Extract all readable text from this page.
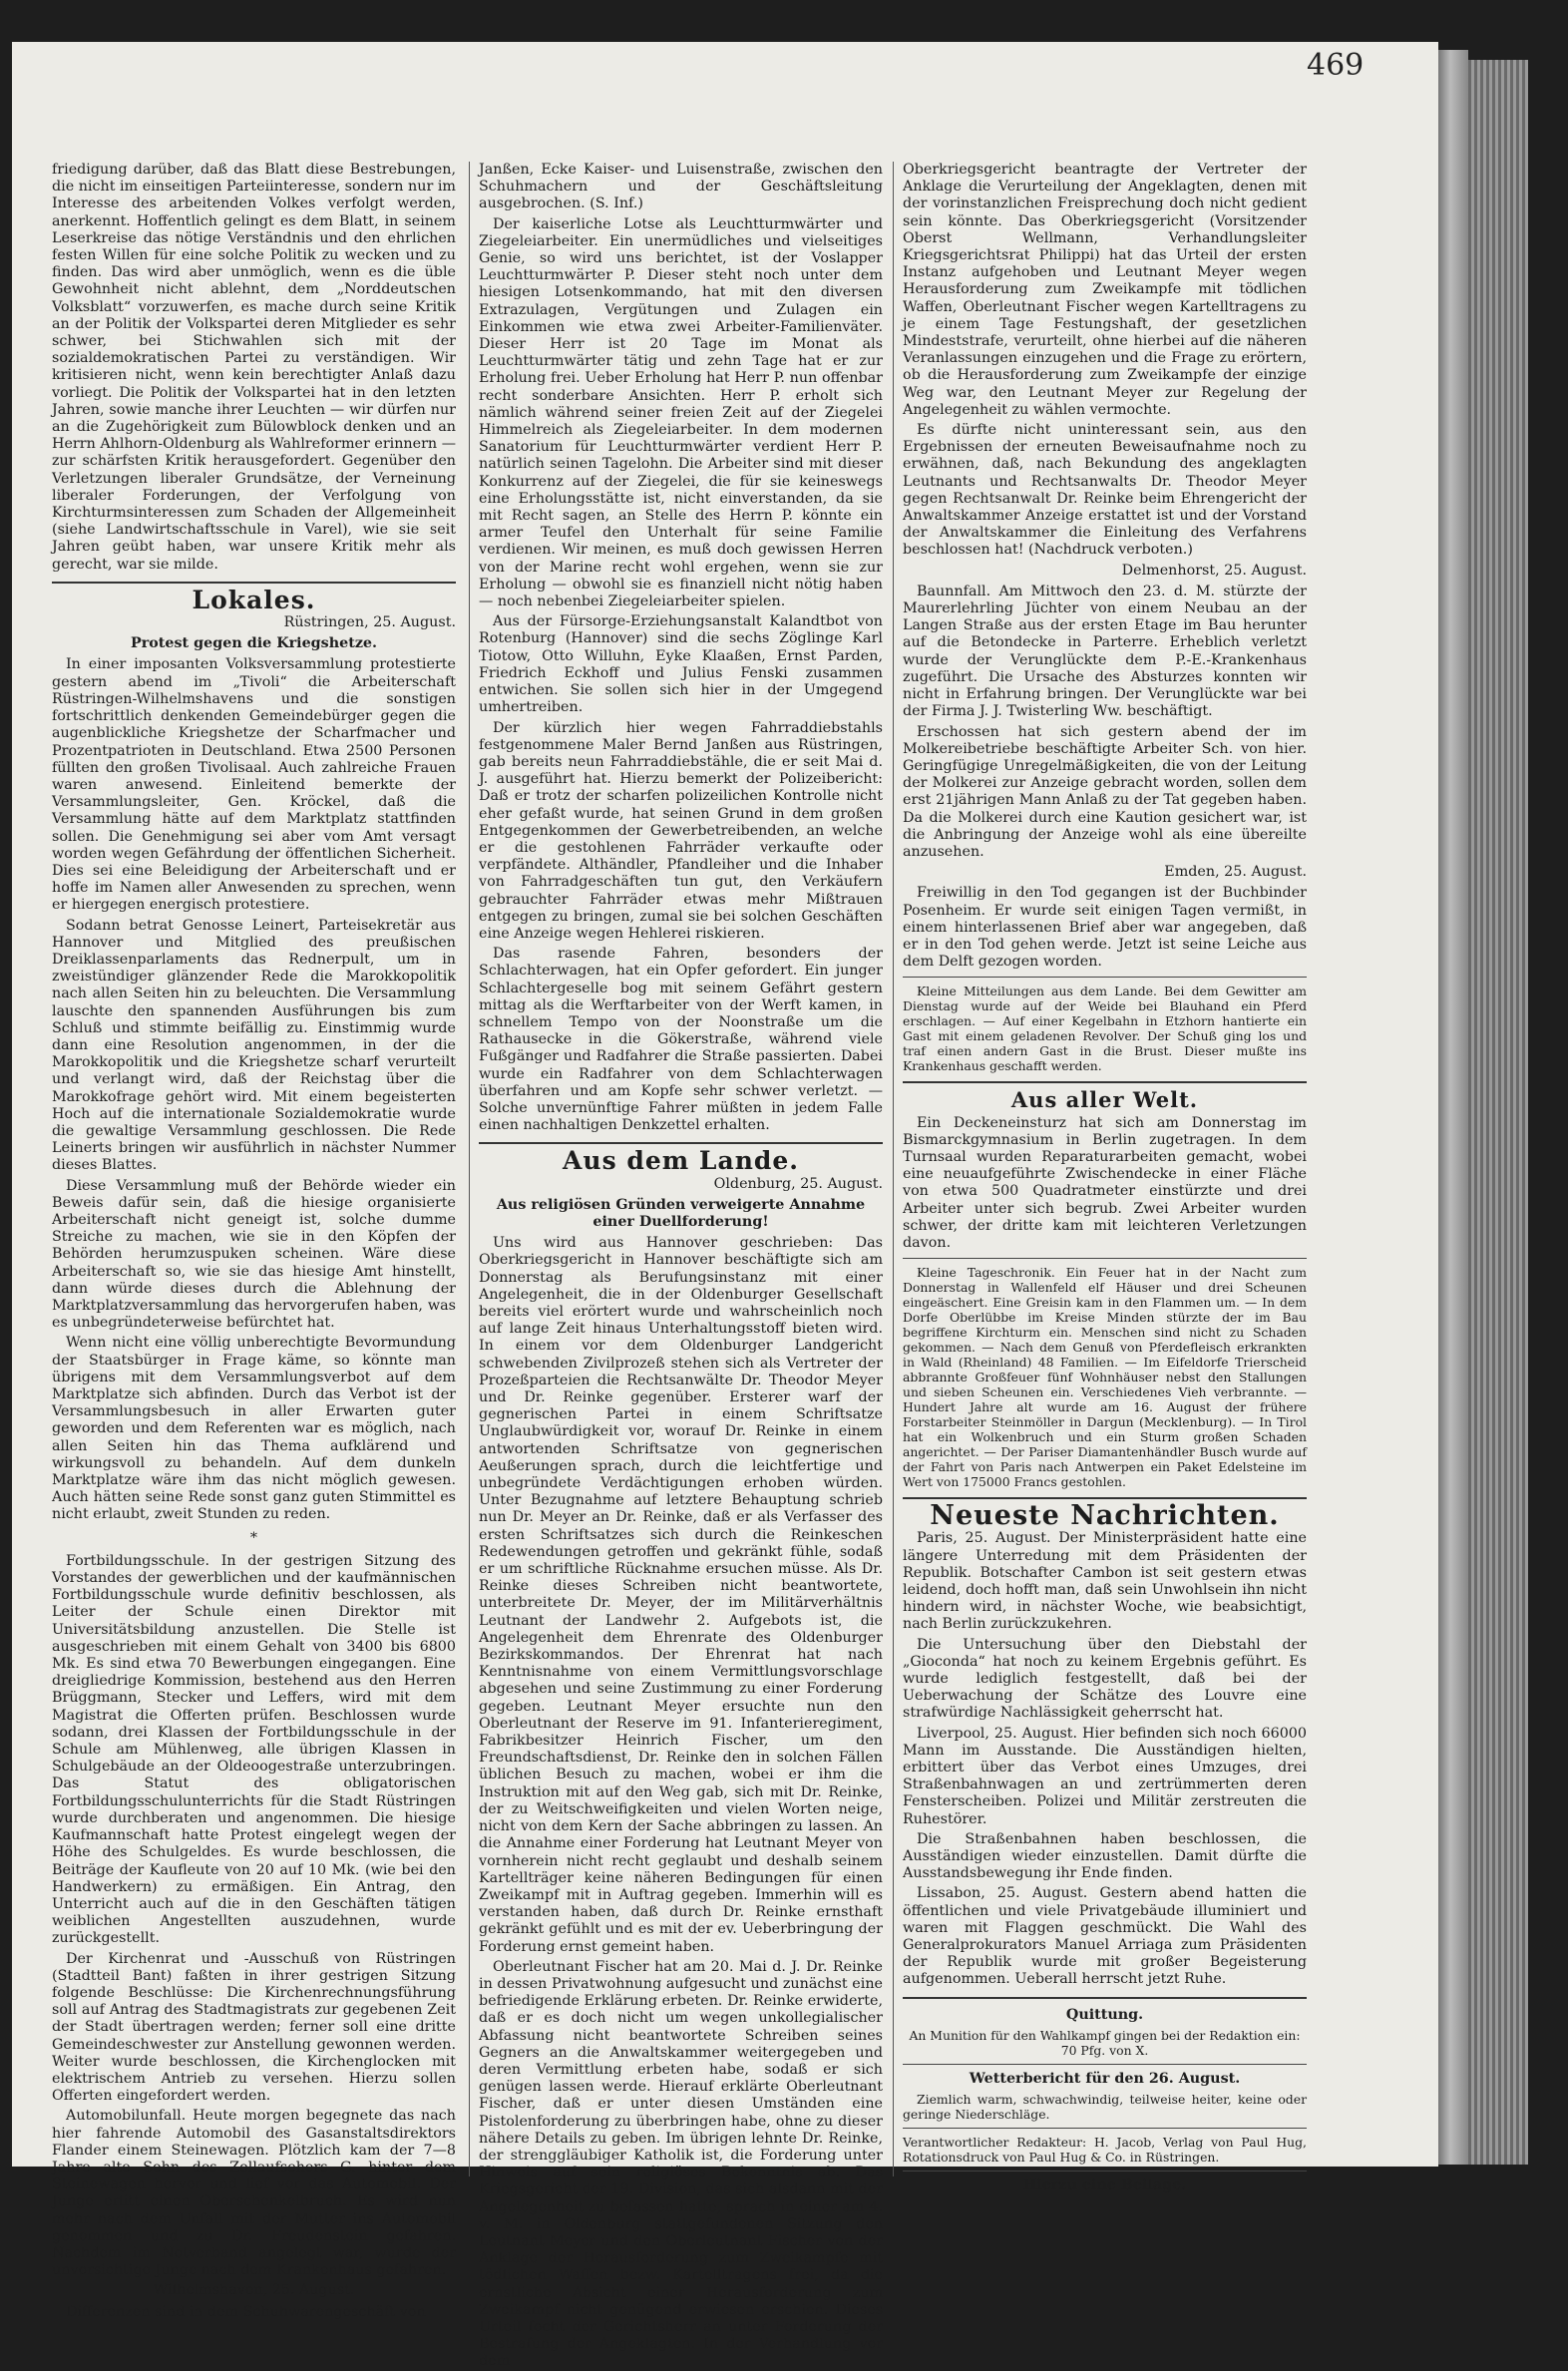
friedigung darüber, daß das Blatt diese Bestrebungen, die nicht im einseitigen Parteiinteresse, sondern nur im Interesse des arbeitenden Volkes verfolgt werden, anerkennt. Hoffentlich gelingt es dem Blatt, in seinem Leserkreise das nötige Verständnis und den ehrlichen festen Willen für eine solche Politik zu wecken und zu finden. Das wird aber unmöglich, wenn es die üble Gewohnheit nicht ablehnt, dem „Norddeutschen Volksblatt“ vorzuwerfen, es mache durch seine Kritik an der Politik der Volkspartei deren Mitglieder es sehr schwer, bei Stichwahlen sich mit der sozialdemokratischen Partei zu verständigen. Wir kritisieren nicht, wenn kein berechtigter Anlaß dazu vorliegt. Die Politik der Volkspartei hat in den letzten Jahren, sowie manche ihrer Leuchten — wir dürfen nur an die Zugehörigkeit zum Bülowblock denken und an Herrn Ahlhorn-Oldenburg als Wahlreformer erinnern — zur schärfsten Kritik herausgefordert. Gegenüber den Verletzungen liberaler Grundsätze, der Verneinung liberaler Forderungen, der Verfolgung von Kirchturmsinteressen zum Schaden der Allgemeinheit (siehe Landwirtschaftsschule in Varel), wie sie seit Jahren geübt haben, war unsere Kritik mehr als gerecht, war sie milde.

Lokales.
Rüstringen, 25. August.
Protest gegen die Kriegshetze.

In einer imposanten Volksversammlung protestierte gestern abend im „Tivoli“ die Arbeiterschaft Rüstringen-Wilhelmshavens und die sonstigen fortschrittlich denkenden Gemeindebürger gegen die augenblickliche Kriegshetze der Scharfmacher und Prozentpatrioten in Deutschland. Etwa 2500 Personen füllten den großen Tivolisaal. Auch zahlreiche Frauen waren anwesend. Einleitend bemerkte der Versammlungsleiter, Gen. Kröckel, daß die Versammlung hätte auf dem Marktplatz stattfinden sollen. Die Genehmigung sei aber vom Amt versagt worden wegen Gefährdung der öffentlichen Sicherheit. Dies sei eine Beleidigung der Arbeiterschaft und er hoffe im Namen aller Anwesenden zu sprechen, wenn er hiergegen energisch protestiere.

Sodann betrat Genosse Leinert, Parteisekretär aus Hannover und Mitglied des preußischen Dreiklassenparlaments das Rednerpult, um in zweistündiger glänzender Rede die Marokkopolitik nach allen Seiten hin zu beleuchten. Die Versammlung lauschte den spannenden Ausführungen bis zum Schluß und stimmte beifällig zu. Einstimmig wurde dann eine Resolution angenommen, in der die Marokkopolitik und die Kriegshetze scharf verurteilt und verlangt wird, daß der Reichstag über die Marokkofrage gehört wird. Mit einem begeisterten Hoch auf die internationale Sozialdemokratie wurde die gewaltige Versammlung geschlossen. Die Rede Leinerts bringen wir ausführlich in nächster Nummer dieses Blattes.

Diese Versammlung muß der Behörde wieder ein Beweis dafür sein, daß die hiesige organisierte Arbeiterschaft nicht geneigt ist, solche dumme Streiche zu machen, wie sie in den Köpfen der Behörden herumzuspuken scheinen. Wäre diese Arbeiterschaft so, wie sie das hiesige Amt hinstellt, dann würde dieses durch die Ablehnung der Marktplatzversammlung das hervorgerufen haben, was es unbegründeterweise befürchtet hat.

Wenn nicht eine völlig unberechtigte Bevormundung der Staatsbürger in Frage käme, so könnte man übrigens mit dem Versammlungsverbot auf dem Marktplatze sich abfinden. Durch das Verbot ist der Versammlungsbesuch in aller Erwarten guter geworden und dem Referenten war es möglich, nach allen Seiten hin das Thema aufklärend und wirkungsvoll zu behandeln. Auf dem dunkeln Marktplatze wäre ihm das nicht möglich gewesen. Auch hätten seine Rede sonst ganz guten Stimmittel es nicht erlaubt, zweit Stunden zu reden.

*

Fortbildungsschule. In der gestrigen Sitzung des Vorstandes der gewerblichen und der kaufmännischen Fortbildungsschule wurde definitiv beschlossen, als Leiter der Schule einen Direktor mit Universitätsbildung anzustellen. Die Stelle ist ausgeschrieben mit einem Gehalt von 3400 bis 6800 Mk. Es sind etwa 70 Bewerbungen eingegangen. Eine dreigliedrige Kommission, bestehend aus den Herren Brüggmann, Stecker und Leffers, wird mit dem Magistrat die Offerten prüfen. Beschlossen wurde sodann, drei Klassen der Fortbildungsschule in der Schule am Mühlenweg, alle übrigen Klassen in Schulgebäude an der Oldeoogestraße unterzubringen. Das Statut des obligatorischen Fortbildungsschulunterrichts für die Stadt Rüstringen wurde durchberaten und angenommen. Die hiesige Kaufmannschaft hatte Protest eingelegt wegen der Höhe des Schulgeldes. Es wurde beschlossen, die Beiträge der Kaufleute von 20 auf 10 Mk. (wie bei den Handwerkern) zu ermäßigen. Ein Antrag, den Unterricht auch auf die in den Geschäften tätigen weiblichen Angestellten auszudehnen, wurde zurückgestellt.

Der Kirchenrat und -Ausschuß von Rüstringen (Stadtteil Bant) faßten in ihrer gestrigen Sitzung folgende Beschlüsse: Die Kirchenrechnungsführung soll auf Antrag des Stadtmagistrats zur gegebenen Zeit der Stadt übertragen werden; ferner soll eine dritte Gemeindeschwester zur Anstellung gewonnen werden. Weiter wurde beschlossen, die Kirchenglocken mit elektrischem Antrieb zu versehen. Hierzu sollen Offerten eingefordert werden.

Automobilunfall. Heute morgen begegnete das nach hier fahrende Automobil des Gasanstaltsdirektors Flander einem Steinewagen. Plötzlich kam der 7—8 Jahre alte Sohn des Zollaufsehers G. hinter dem Steinewagen hervor und lief vor das Automobil. Der Junge erlitt einen Oberschenkelbruch. Es wird nun mehr nach dem Unfall mit der Mutter ins Automobil genommen und zu Dr. Freudenstein gefahren. Nachdem im Notverband angelegt war, wurde der unvorsichtige Junge nach dem Krankenhaus gefahren.

Wilhelmshaven, 25. August.

Differenzen sind in dem Schuhwarengeschäft von

Janßen, Ecke Kaiser- und Luisenstraße, zwischen den Schuhmachern und der Geschäftsleitung ausgebrochen. (S. Inf.)

Der kaiserliche Lotse als Leuchtturmwärter und Ziegeleiarbeiter. Ein unermüdliches und vielseitiges Genie, so wird uns berichtet, ist der Voslapper Leuchtturmwärter P. Dieser steht noch unter dem hiesigen Lotsenkommando, hat mit den diversen Extrazulagen, Vergütungen und Zulagen ein Einkommen wie etwa zwei Arbeiter-Familienväter. Dieser Herr ist 20 Tage im Monat als Leuchtturmwärter tätig und zehn Tage hat er zur Erholung frei. Ueber Erholung hat Herr P. nun offenbar recht sonderbare Ansichten. Herr P. erholt sich nämlich während seiner freien Zeit auf der Ziegelei Himmelreich als Ziegeleiarbeiter. In dem modernen Sanatorium für Leuchtturmwärter verdient Herr P. natürlich seinen Tagelohn. Die Arbeiter sind mit dieser Konkurrenz auf der Ziegelei, die für sie keineswegs eine Erholungsstätte ist, nicht einverstanden, da sie mit Recht sagen, an Stelle des Herrn P. könnte ein armer Teufel den Unterhalt für seine Familie verdienen. Wir meinen, es muß doch gewissen Herren von der Marine recht wohl ergehen, wenn sie zur Erholung — obwohl sie es finanziell nicht nötig haben — noch nebenbei Ziegeleiarbeiter spielen.

Aus der Fürsorge-Erziehungsanstalt Kalandtbot von Rotenburg (Hannover) sind die sechs Zöglinge Karl Tiotow, Otto Willuhn, Eyke Klaaßen, Ernst Parden, Friedrich Eckhoff und Julius Fenski zusammen entwichen. Sie sollen sich hier in der Umgegend umhertreiben.

Der kürzlich hier wegen Fahrraddiebstahls festgenommene Maler Bernd Janßen aus Rüstringen, gab bereits neun Fahrraddiebstähle, die er seit Mai d. J. ausgeführt hat. Hierzu bemerkt der Polizeibericht: Daß er trotz der scharfen polizeilichen Kontrolle nicht eher gefaßt wurde, hat seinen Grund in dem großen Entgegenkommen der Gewerbetreibenden, an welche er die gestohlenen Fahrräder verkaufte oder verpfändete. Althändler, Pfandleiher und die Inhaber von Fahrradgeschäften tun gut, den Verkäufern gebrauchter Fahrräder etwas mehr Mißtrauen entgegen zu bringen, zumal sie bei solchen Geschäften eine Anzeige wegen Hehlerei riskieren.

Das rasende Fahren, besonders der Schlachterwagen, hat ein Opfer gefordert. Ein junger Schlachtergeselle bog mit seinem Gefährt gestern mittag als die Werftarbeiter von der Werft kamen, in schnellem Tempo von der Noonstraße um die Rathausecke in die Gökerstraße, während viele Fußgänger und Radfahrer die Straße passierten. Dabei wurde ein Radfahrer von dem Schlachterwagen überfahren und am Kopfe sehr schwer verletzt. — Solche unvernünftige Fahrer müßten in jedem Falle einen nachhaltigen Denkzettel erhalten.

Aus dem Lande.
Oldenburg, 25. August.
Aus religiösen Gründen verweigerte Annahme einer Duellforderung!

Uns wird aus Hannover geschrieben: Das Oberkriegsgericht in Hannover beschäftigte sich am Donnerstag als Berufungsinstanz mit einer Angelegenheit, die in der Oldenburger Gesellschaft bereits viel erörtert wurde und wahrscheinlich noch auf lange Zeit hinaus Unterhaltungsstoff bieten wird. In einem vor dem Oldenburger Landgericht schwebenden Zivilprozeß stehen sich als Vertreter der Prozeßparteien die Rechtsanwälte Dr. Theodor Meyer und Dr. Reinke gegenüber. Ersterer warf der gegnerischen Partei in einem Schriftsatze Unglaubwürdigkeit vor, worauf Dr. Reinke in einem antwortenden Schriftsatze von gegnerischen Aeußerungen sprach, durch die leichtfertige und unbegründete Verdächtigungen erhoben würden. Unter Bezugnahme auf letztere Behauptung schrieb nun Dr. Meyer an Dr. Reinke, daß er als Verfasser des ersten Schriftsatzes sich durch die Reinkeschen Redewendungen getroffen und gekränkt fühle, sodaß er um schriftliche Rücknahme ersuchen müsse. Als Dr. Reinke dieses Schreiben nicht beantwortete, unterbreitete Dr. Meyer, der im Militärverhältnis Leutnant der Landwehr 2. Aufgebots ist, die Angelegenheit dem Ehrenrate des Oldenburger Bezirkskommandos. Der Ehrenrat hat nach Kenntnisnahme von einem Vermittlungsvorschlage abgesehen und seine Zustimmung zu einer Forderung gegeben. Leutnant Meyer ersuchte nun den Oberleutnant der Reserve im 91. Infanterieregiment, Fabrikbesitzer Heinrich Fischer, um den Freundschaftsdienst, Dr. Reinke den in solchen Fällen üblichen Besuch zu machen, wobei er ihm die Instruktion mit auf den Weg gab, sich mit Dr. Reinke, der zu Weitschweifigkeiten und vielen Worten neige, nicht von dem Kern der Sache abbringen zu lassen. An die Annahme einer Forderung hat Leutnant Meyer von vornherein nicht recht geglaubt und deshalb seinem Kartellträger keine näheren Bedingungen für einen Zweikampf mit in Auftrag gegeben. Immerhin will es verstanden haben, daß durch Dr. Reinke ernsthaft gekränkt gefühlt und es mit der ev. Ueberbringung der Forderung ernst gemeint haben.

Oberleutnant Fischer hat am 20. Mai d. J. Dr. Reinke in dessen Privatwohnung aufgesucht und zunächst eine befriedigende Erklärung erbeten. Dr. Reinke erwiderte, daß er es doch nicht um wegen unkollegialischer Abfassung nicht beantwortete Schreiben seines Gegners an die Anwaltskammer weitergegeben und deren Vermittlung erbeten habe, sodaß er sich genügen lassen werde. Hierauf erklärte Oberleutnant Fischer, daß er unter diesen Umständen eine Pistolenforderung zu überbringen habe, ohne zu dieser nähere Details zu geben. Im übrigen lehnte Dr. Reinke, der strenggläubiger Katholik ist, die Forderung unter Hinweis auf sein religiöses Bekenntnis ab. Das Kriegsgericht der 19. Division, das sich alsdann mit der Angelegenheit zu befassen hatte, sprach in einer am 4. v. M. in Oldenburg stattgefundenen Sitzung den Leutnant Meyer und den Oberleutnant Fischer von der Anklage der Herausforderung zum Zweikampfe mit tödlichen Waffen bezw. Kartelltragens frei, da die ernstliche Absicht einer Herausforderung zum Zweikampf nicht genügend erwiesen erschien. Dieses Urteil focht der Gerichtsherr an unter Forderung der Bestrafung der Angeklagten. In der Verhandlung vor dem

Oberkriegsgericht beantragte der Vertreter der Anklage die Verurteilung der Angeklagten, denen mit der vorinstanzlichen Freisprechung doch nicht gedient sein könnte. Das Oberkriegsgericht (Vorsitzender Oberst Wellmann, Verhandlungsleiter Kriegsgerichtsrat Philippi) hat das Urteil der ersten Instanz aufgehoben und Leutnant Meyer wegen Herausforderung zum Zweikampfe mit tödlichen Waffen, Oberleutnant Fischer wegen Kartelltragens zu je einem Tage Festungshaft, der gesetzlichen Mindeststrafe, verurteilt, ohne hierbei auf die näheren Veranlassungen einzugehen und die Frage zu erörtern, ob die Herausforderung zum Zweikampfe der einzige Weg war, den Leutnant Meyer zur Regelung der Angelegenheit zu wählen vermochte.

Es dürfte nicht uninteressant sein, aus den Ergebnissen der erneuten Beweisaufnahme noch zu erwähnen, daß, nach Bekundung des angeklagten Leutnants und Rechtsanwalts Dr. Theodor Meyer gegen Rechtsanwalt Dr. Reinke beim Ehrengericht der Anwaltskammer Anzeige erstattet ist und der Vorstand der Anwaltskammer die Einleitung des Verfahrens beschlossen hat! (Nachdruck verboten.)

Delmenhorst, 25. August.

Baunnfall. Am Mittwoch den 23. d. M. stürzte der Maurerlehrling Jüchter von einem Neubau an der Langen Straße aus der ersten Etage im Bau herunter auf die Betondecke in Parterre. Erheblich verletzt wurde der Verunglückte dem P.-E.-Krankenhaus zugeführt. Die Ursache des Absturzes konnten wir nicht in Erfahrung bringen. Der Verunglückte war bei der Firma J. J. Twisterling Ww. beschäftigt.

Erschossen hat sich gestern abend der im Molkereibetriebe beschäftigte Arbeiter Sch. von hier. Geringfügige Unregelmäßigkeiten, die von der Leitung der Molkerei zur Anzeige gebracht worden, sollen dem erst 21jährigen Mann Anlaß zu der Tat gegeben haben. Da die Molkerei durch eine Kaution gesichert war, ist die Anbringung der Anzeige wohl als eine übereilte anzusehen.

Emden, 25. August.

Freiwillig in den Tod gegangen ist der Buchbinder Posenheim. Er wurde seit einigen Tagen vermißt, in einem hinterlassenen Brief aber war angegeben, daß er in den Tod gehen werde. Jetzt ist seine Leiche aus dem Delft gezogen worden.

Kleine Mitteilungen aus dem Lande. Bei dem Gewitter am Dienstag wurde auf der Weide bei Blauhand ein Pferd erschlagen. — Auf einer Kegelbahn in Etzhorn hantierte ein Gast mit einem geladenen Revolver. Der Schuß ging los und traf einen andern Gast in die Brust. Dieser mußte ins Krankenhaus geschafft werden.

Aus aller Welt.

Ein Deckeneinsturz hat sich am Donnerstag im Bismarckgymnasium in Berlin zugetragen. In dem Turnsaal wurden Reparaturarbeiten gemacht, wobei eine neuaufgeführte Zwischendecke in einer Fläche von etwa 500 Quadratmeter einstürzte und drei Arbeiter unter sich begrub. Zwei Arbeiter wurden schwer, der dritte kam mit leichteren Verletzungen davon.

Kleine Tageschronik. Ein Feuer hat in der Nacht zum Donnerstag in Wallenfeld elf Häuser und drei Scheunen eingeäschert. Eine Greisin kam in den Flammen um. — In dem Dorfe Oberlübbe im Kreise Minden stürzte der im Bau begriffene Kirchturm ein. Menschen sind nicht zu Schaden gekommen. — Nach dem Genuß von Pferdefleisch erkrankten in Wald (Rheinland) 48 Familien. — Im Eifeldorfe Trierscheid abbrannte Großfeuer fünf Wohnhäuser nebst den Stallungen und sieben Scheunen ein. Verschiedenes Vieh verbrannte. — Hundert Jahre alt wurde am 16. August der frühere Forstarbeiter Steinmöller in Dargun (Mecklenburg). — In Tirol hat ein Wolkenbruch und ein Sturm großen Schaden angerichtet. — Der Pariser Diamantenhändler Busch wurde auf der Fahrt von Paris nach Antwerpen ein Paket Edelsteine im Wert von 175000 Francs gestohlen.

Neueste Nachrichten.

Paris, 25. August. Der Ministerpräsident hatte eine längere Unterredung mit dem Präsidenten der Republik. Botschafter Cambon ist seit gestern etwas leidend, doch hofft man, daß sein Unwohlsein ihn nicht hindern wird, in nächster Woche, wie beabsichtigt, nach Berlin zurückzukehren.

Die Untersuchung über den Diebstahl der „Gioconda“ hat noch zu keinem Ergebnis geführt. Es wurde lediglich festgestellt, daß bei der Ueberwachung der Schätze des Louvre eine strafwürdige Nachlässigkeit geherrscht hat.

Liverpool, 25. August. Hier befinden sich noch 66000 Mann im Ausstande. Die Ausständigen hielten, erbittert über das Verbot eines Umzuges, drei Straßenbahnwagen an und zertrümmerten deren Fensterscheiben. Polizei und Militär zerstreuten die Ruhestörer.

Die Straßenbahnen haben beschlossen, die Ausständigen wieder einzustellen. Damit dürfte die Ausstandsbewegung ihr Ende finden.

Lissabon, 25. August. Gestern abend hatten die öffentlichen und viele Privatgebäude illuminiert und waren mit Flaggen geschmückt. Die Wahl des Generalprokurators Manuel Arriaga zum Präsidenten der Republik wurde mit großer Begeisterung aufgenommen. Ueberall herrscht jetzt Ruhe.

Quittung.

An Munition für den Wahlkampf gingen bei der Redaktion ein: 70 Pfg. von X.

Wetterbericht für den 26. August.

Ziemlich warm, schwachwindig, teilweise heiter, keine oder geringe Niederschläge.

Verantwortlicher Redakteur: H. Jacob, Verlag von Paul Hug, Rotationsdruck von Paul Hug & Co. in Rüstringen.

Hierzu eine Beilage.
469
